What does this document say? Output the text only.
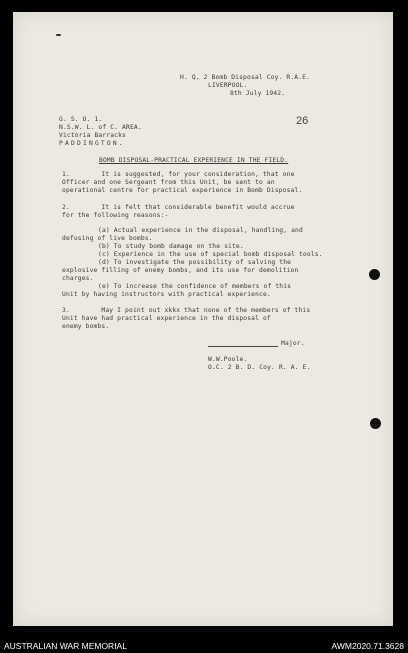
H. Q. 2 Bomb Disposal Coy. R.A.E.
LIVERPOOL.
8th July 1942.
G. S. O. 1.
N.S.W. L. of C. AREA.
Victoria Barracks
PADDINGTON.
26
BOMB DISPOSAL-PRACTICAL EXPERIENCE IN THE FIELD.
1.        It is suggested, for your consideration, that one
Officer and one Sergeant from this Unit, be sent to an
operational centre for practical experience in Bomb Disposal.
2.        It is felt that considerable benefit would accrue
for the following reasons:-
(a) Actual experience in the disposal, handling, and
defusing of live bombs.
(b) To study bomb damage on the site.
(c) Experience in the use of special bomb disposal tools.
(d) To investigate the possibility of salving the
explosive filling of enemy bombs, and its use for demolition
charges.
(e) To increase the confidence of members of this
Unit by having instructors with practical experience.
3.        May I point out xkkx that none of the members of this
Unit have had practical experience in the disposal of
enemy bombs.
Major.
W.W.Poole.
O.C. 2 B. D. Coy. R. A. E.
AUSTRALIAN WAR MEMORIAL	AWM2020.71.3628
